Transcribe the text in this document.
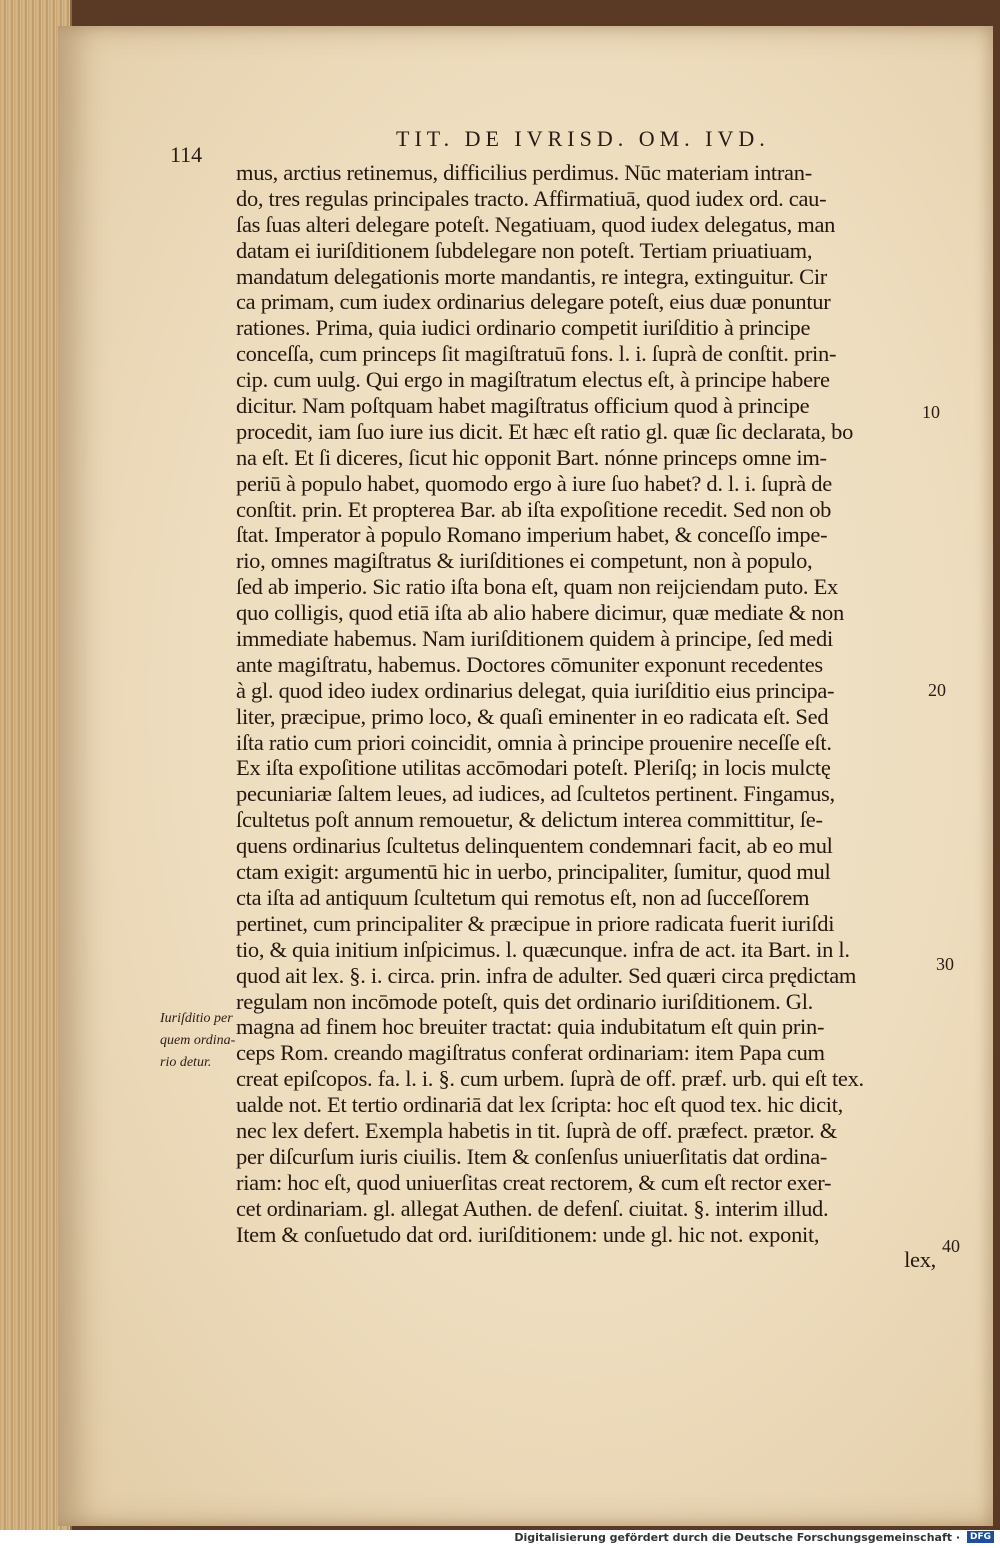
114
TIT. DE IVRISD. OM. IVD.
mus, arctius retinemus, difficilius perdimus. Nūc materiam intran-
do, tres regulas principales tracto. Affirmatiuā, quod iudex ord. cau-
ſas ſuas alteri delegare poteſt. Negatiuam, quod iudex delegatus, man
datam ei iuriſditionem ſubdelegare non poteſt. Tertiam priuatiuam,
mandatum delegationis morte mandantis, re integra, extinguitur. Cir
ca primam, cum iudex ordinarius delegare poteſt, eius duæ ponuntur
rationes. Prima, quia iudici ordinario competit iuriſditio à principe
conceſſa, cum princeps ſit magiſtratuū fons. l. i. ſuprà de conſtit. prin-
cip. cum uulg. Qui ergo in magiſtratum electus eſt, à principe habere
dicitur. Nam poſtquam habet magiſtratus officium quod à principe
procedit, iam ſuo iure ius dicit. Et hæc eſt ratio gl. quæ ſic declarata, bo
na eſt. Et ſi diceres, ſicut hic opponit Bart. nónne princeps omne im-
periū à populo habet, quomodo ergo à iure ſuo habet? d. l. i. ſuprà de
conſtit. prin. Et propterea Bar. ab iſta expoſitione recedit. Sed non ob
ſtat. Imperator à populo Romano imperium habet, & conceſſo impe-
rio, omnes magiſtratus & iuriſditiones ei competunt, non à populo,
ſed ab imperio. Sic ratio iſta bona eſt, quam non reijciendam puto. Ex
quo colligis, quod etiā iſta ab alio habere dicimur, quæ mediate & non
immediate habemus. Nam iuriſditionem quidem à principe, ſed medi
ante magiſtratu, habemus. Doctores cōmuniter exponunt recedentes
à gl. quod ideo iudex ordinarius delegat, quia iuriſditio eius principa-
liter, præcipue, primo loco, & quaſi eminenter in eo radicata eſt. Sed
iſta ratio cum priori coincidit, omnia à principe prouenire neceſſe eſt.
Ex iſta expoſitione utilitas accōmodari poteſt. Pleriſq; in locis mulctę
pecuniariæ ſaltem leues, ad iudices, ad ſcultetos pertinent. Fingamus,
ſcultetus poſt annum remouetur, & delictum interea committitur, ſe-
quens ordinarius ſcultetus delinquentem condemnari facit, ab eo mul
ctam exigit: argumentū hic in uerbo, principaliter, ſumitur, quod mul
cta iſta ad antiquum ſcultetum qui remotus eſt, non ad ſucceſſorem
pertinet, cum principaliter & præcipue in priore radicata fuerit iuriſdi
tio, & quia initium inſpicimus. l. quæcunque. infra de act. ita Bart. in l.
quod ait lex. §. i. circa. prin. infra de adulter. Sed quæri circa prędictam
regulam non incōmode poteſt, quis det ordinario iuriſditionem. Gl.
magna ad finem hoc breuiter tractat: quia indubitatum eſt quin prin-
ceps Rom. creando magiſtratus conferat ordinariam: item Papa cum
creat epiſcopos. fa. l. i. §. cum urbem. ſuprà de off. præf. urb. qui eſt tex.
ualde not. Et tertio ordinariā dat lex ſcripta: hoc eſt quod tex. hic dicit,
nec lex defert. Exempla habetis in tit. ſuprà de off. præfect. prætor. &
per diſcurſum iuris ciuilis. Item & conſenſus uniuerſitatis dat ordina-
riam: hoc eſt, quod uniuerſitas creat rectorem, & cum eſt rector exer-
cet ordinariam. gl. allegat Authen. de defenſ. ciuitat. §. interim illud.
Item & conſuetudo dat ord. iuriſditionem: unde gl. hic not. exponit,
lex,
Iuriſditio per
quem ordina-
rio detur.
10
20
30
40
Digitalisierung gefördert durch die Deutsche Forschungsgemeinschaft ·	DFG
